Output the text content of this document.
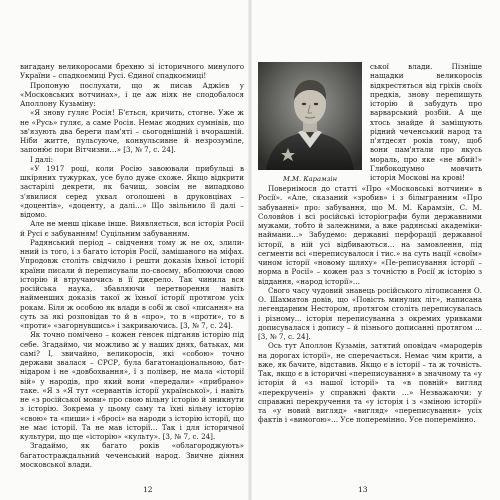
вигадану великоросами брехню зі історичного минулого України – спадкоємиці Русі. Єдиної спадкоємиці!

Пропоную послухати, що ж писав Аджієв у «Московських вотчинах», і це аж ніяк не сподобалося Аполлону Кузьміну:

«Я знову гуляє Росія! Б'ється, кричить, стогне. Уже ж не «Русь» гуляє, а саме Росія. Немає жодних сумнівів, що зв'язують два береги пам'яті – сьогоднішній і вчорашній. Ніби житте, пульсуюче, конвульсивне й незрозуміле, запоню́є пори Вітчизни…» [3, № 7, с. 24].

І далі:

«У 1917 році, коли Росію завоювали прибульці в шкіряних тужурках, усе було дуже схоже. Якщо відкрити застарілі декрети, як бачиш, зовсім не випадково з'явилися серед ухвал оголошені в друковцівах – «доцентів», «доценту, а далі…» Що звільнило її далі – відомо.

Але не менш цікаве інше. Виявляється, вся історія Росії й Русі є забуванням! Суцільним забуванням.

Радянський період – свідчення тому ж не ох, злили-нний із того, і з багато історія Росії, замішаного на міфах. Упродовж століть свідчило і решти доказів їхньої історії країни писали й переписували по-своєму, вболюючи свою історію й втручаючись в її джерело. Так чинила вся російська наука, збавляючи перетворення навіть найменших доказів такої ж їхньої історії протягом усіх рокам. Біля ж особою як влади в собі ж свої «писання» на суть за які розповідав то й в «про», то в «проти», то в «проти» «загорнувшись» і закриваючись. [3, № 7, с. 24].

Як точно помічено – кожен генсек підганяв історію під себе. Згадаймо, чи можливо ж у наших днях, батьках, ми самі? І, звичайно, великоросів, які «собою» точно держави звалася – СРСР, була багатонаціональною, бат-нідаром і не «довбохвання», ї з полівер, не мала «історії вій» у народів, про який вони «передали» «прибрано» таке. «Я з «Я тут «сервантів історії української», і навіть не «з російської мови» про свою вільну історію й зникнути з історію. Зокрема у цьому саму та їхні вільну історію «свою» та «пиши» і «бросі» на народи з історію історії, що не має історії. Та не мав історії… Так і для історичної культури, що ще «історію» «культу». [3, № 7, с. 24].

Згадаймо, як багато років «облагороджують» багатостраждальний чеченський народ. Звичне діяння московської влади.

12
М.М. Карамзін

ської влади. Пізніше нащадки великоросів відкрестяться від гріхів своїх предків, знову перепишуть історію й забудуть про варварський розбій. А ще хтось знайде й заміщують рідний чеченський народ та п'ятдесят років тому, щоб вони пам'ятали про якусь мораль, про яке «не вбий!» Глибокодумно мовчить історія Москові на крові!

Повернімося до статті «Про «Московські вотчини» в Росії». «Але, сказаний «зробив» і з білыгранним «Про забуванні» про: забування, що М. М. Карамзін, С. М. Соловйов і всі російські історіографи були державними мужами, тобто й залежними, а вже радянські академіки-наймани…» Забудемо: державні перфорації державної історії, в ній усі відбиваються… на замовлення, під сегменти всі «переписувалося і тис.» на суть нації «своїм» чином історії «новому шляху» «Пе-реписування історії – норма в Росії» – кожен раз з точністю в Росії ж історію з віддання, «народ історії»…

Свого часу чудовий знавець російського літописання О. О. Шахматов довів, що «Повість минулих літ», написана легендарним Нестором, протягом століть переписувалась і різному... історія переписуванна з окремих уривками дописувалася і допису – й пізнього дописанні протягом ... [3, № 7, с. 24].

Ось тут Аполлон Кузьмін, затятий оповідач «мародерів на дорогах історії», не сперечається. Немає чим крити, а вже, як бачите, відставив. Якщо є в історії – та ж точність. Так, якщо є в історичні «переписування» в значному та «у історія й «з нашої історії» та «в повній» вигляд «перекручені» у справжні факти …» Незважаючи: у справжні перекручення та «у історія і з «зміною історії» та «у новий вигляд» «вигляд» «переписування» усіх фактів і «вимогою»… Усе поперемінно. Усе поперемінно.

13
